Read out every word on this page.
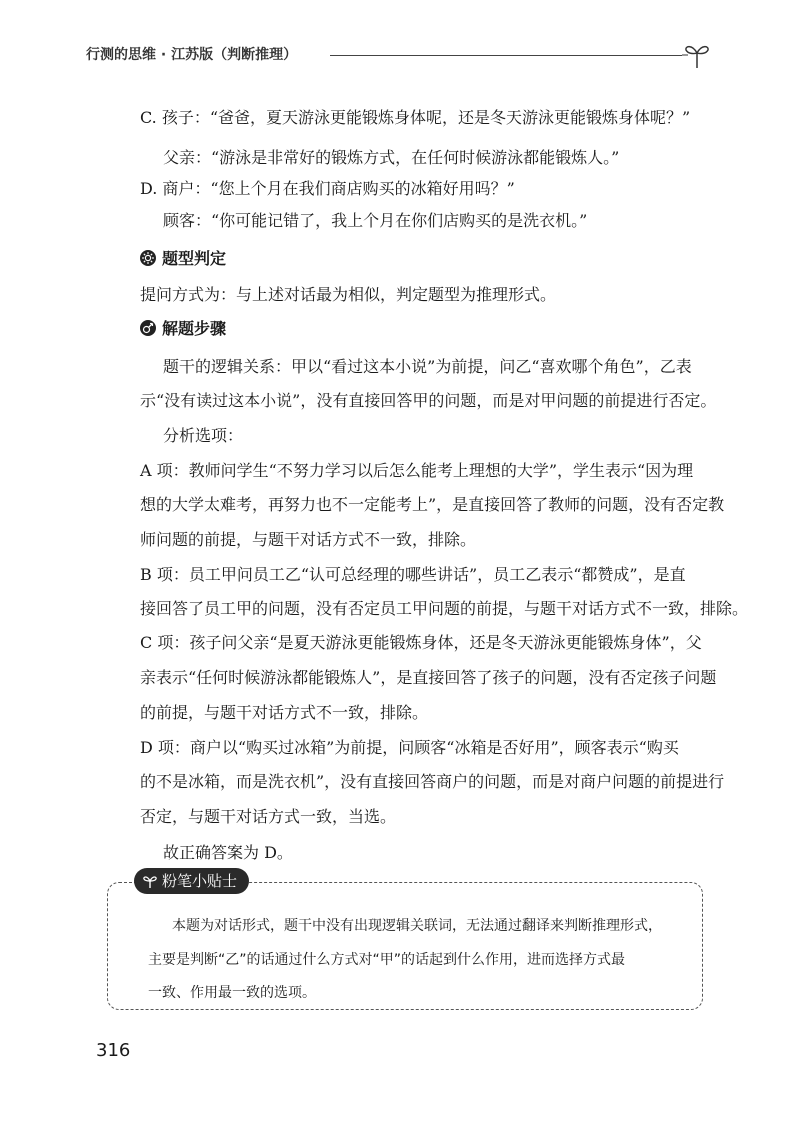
行测的思维 · 江苏版（判断推理）
C. 孩子：“爸爸，夏天游泳更能锻炼身体呢，还是冬天游泳更能锻炼身体呢？”
父亲：“游泳是非常好的锻炼方式，在任何时候游泳都能锻炼人。”
D. 商户：“您上个月在我们商店购买的冰箱好用吗？”
顾客：“你可能记错了，我上个月在你们店购买的是洗衣机。”
题型判定
提问方式为：与上述对话最为相似，判定题型为推理形式。
解题步骤
题干的逻辑关系：甲以“看过这本小说”为前提，问乙“喜欢哪个角色”，乙表
示“没有读过这本小说”，没有直接回答甲的问题，而是对甲问题的前提进行否定。
分析选项：
A 项：教师问学生“不努力学习以后怎么能考上理想的大学”，学生表示“因为理
想的大学太难考，再努力也不一定能考上”，是直接回答了教师的问题，没有否定教
师问题的前提，与题干对话方式不一致，排除。
B 项：员工甲问员工乙“认可总经理的哪些讲话”，员工乙表示“都赞成”，是直
接回答了员工甲的问题，没有否定员工甲问题的前提，与题干对话方式不一致，排除。
C 项：孩子问父亲“是夏天游泳更能锻炼身体，还是冬天游泳更能锻炼身体”，父
亲表示“任何时候游泳都能锻炼人”，是直接回答了孩子的问题，没有否定孩子问题
的前提，与题干对话方式不一致，排除。
D 项：商户以“购买过冰箱”为前提，问顾客“冰箱是否好用”，顾客表示“购买
的不是冰箱，而是洗衣机”，没有直接回答商户的问题，而是对商户问题的前提进行
否定，与题干对话方式一致，当选。
故正确答案为 D。
粉笔小贴士
本题为对话形式，题干中没有出现逻辑关联词，无法通过翻译来判断推理形式，
主要是判断“乙”的话通过什么方式对“甲”的话起到什么作用，进而选择方式最
一致、作用最一致的选项。
316
